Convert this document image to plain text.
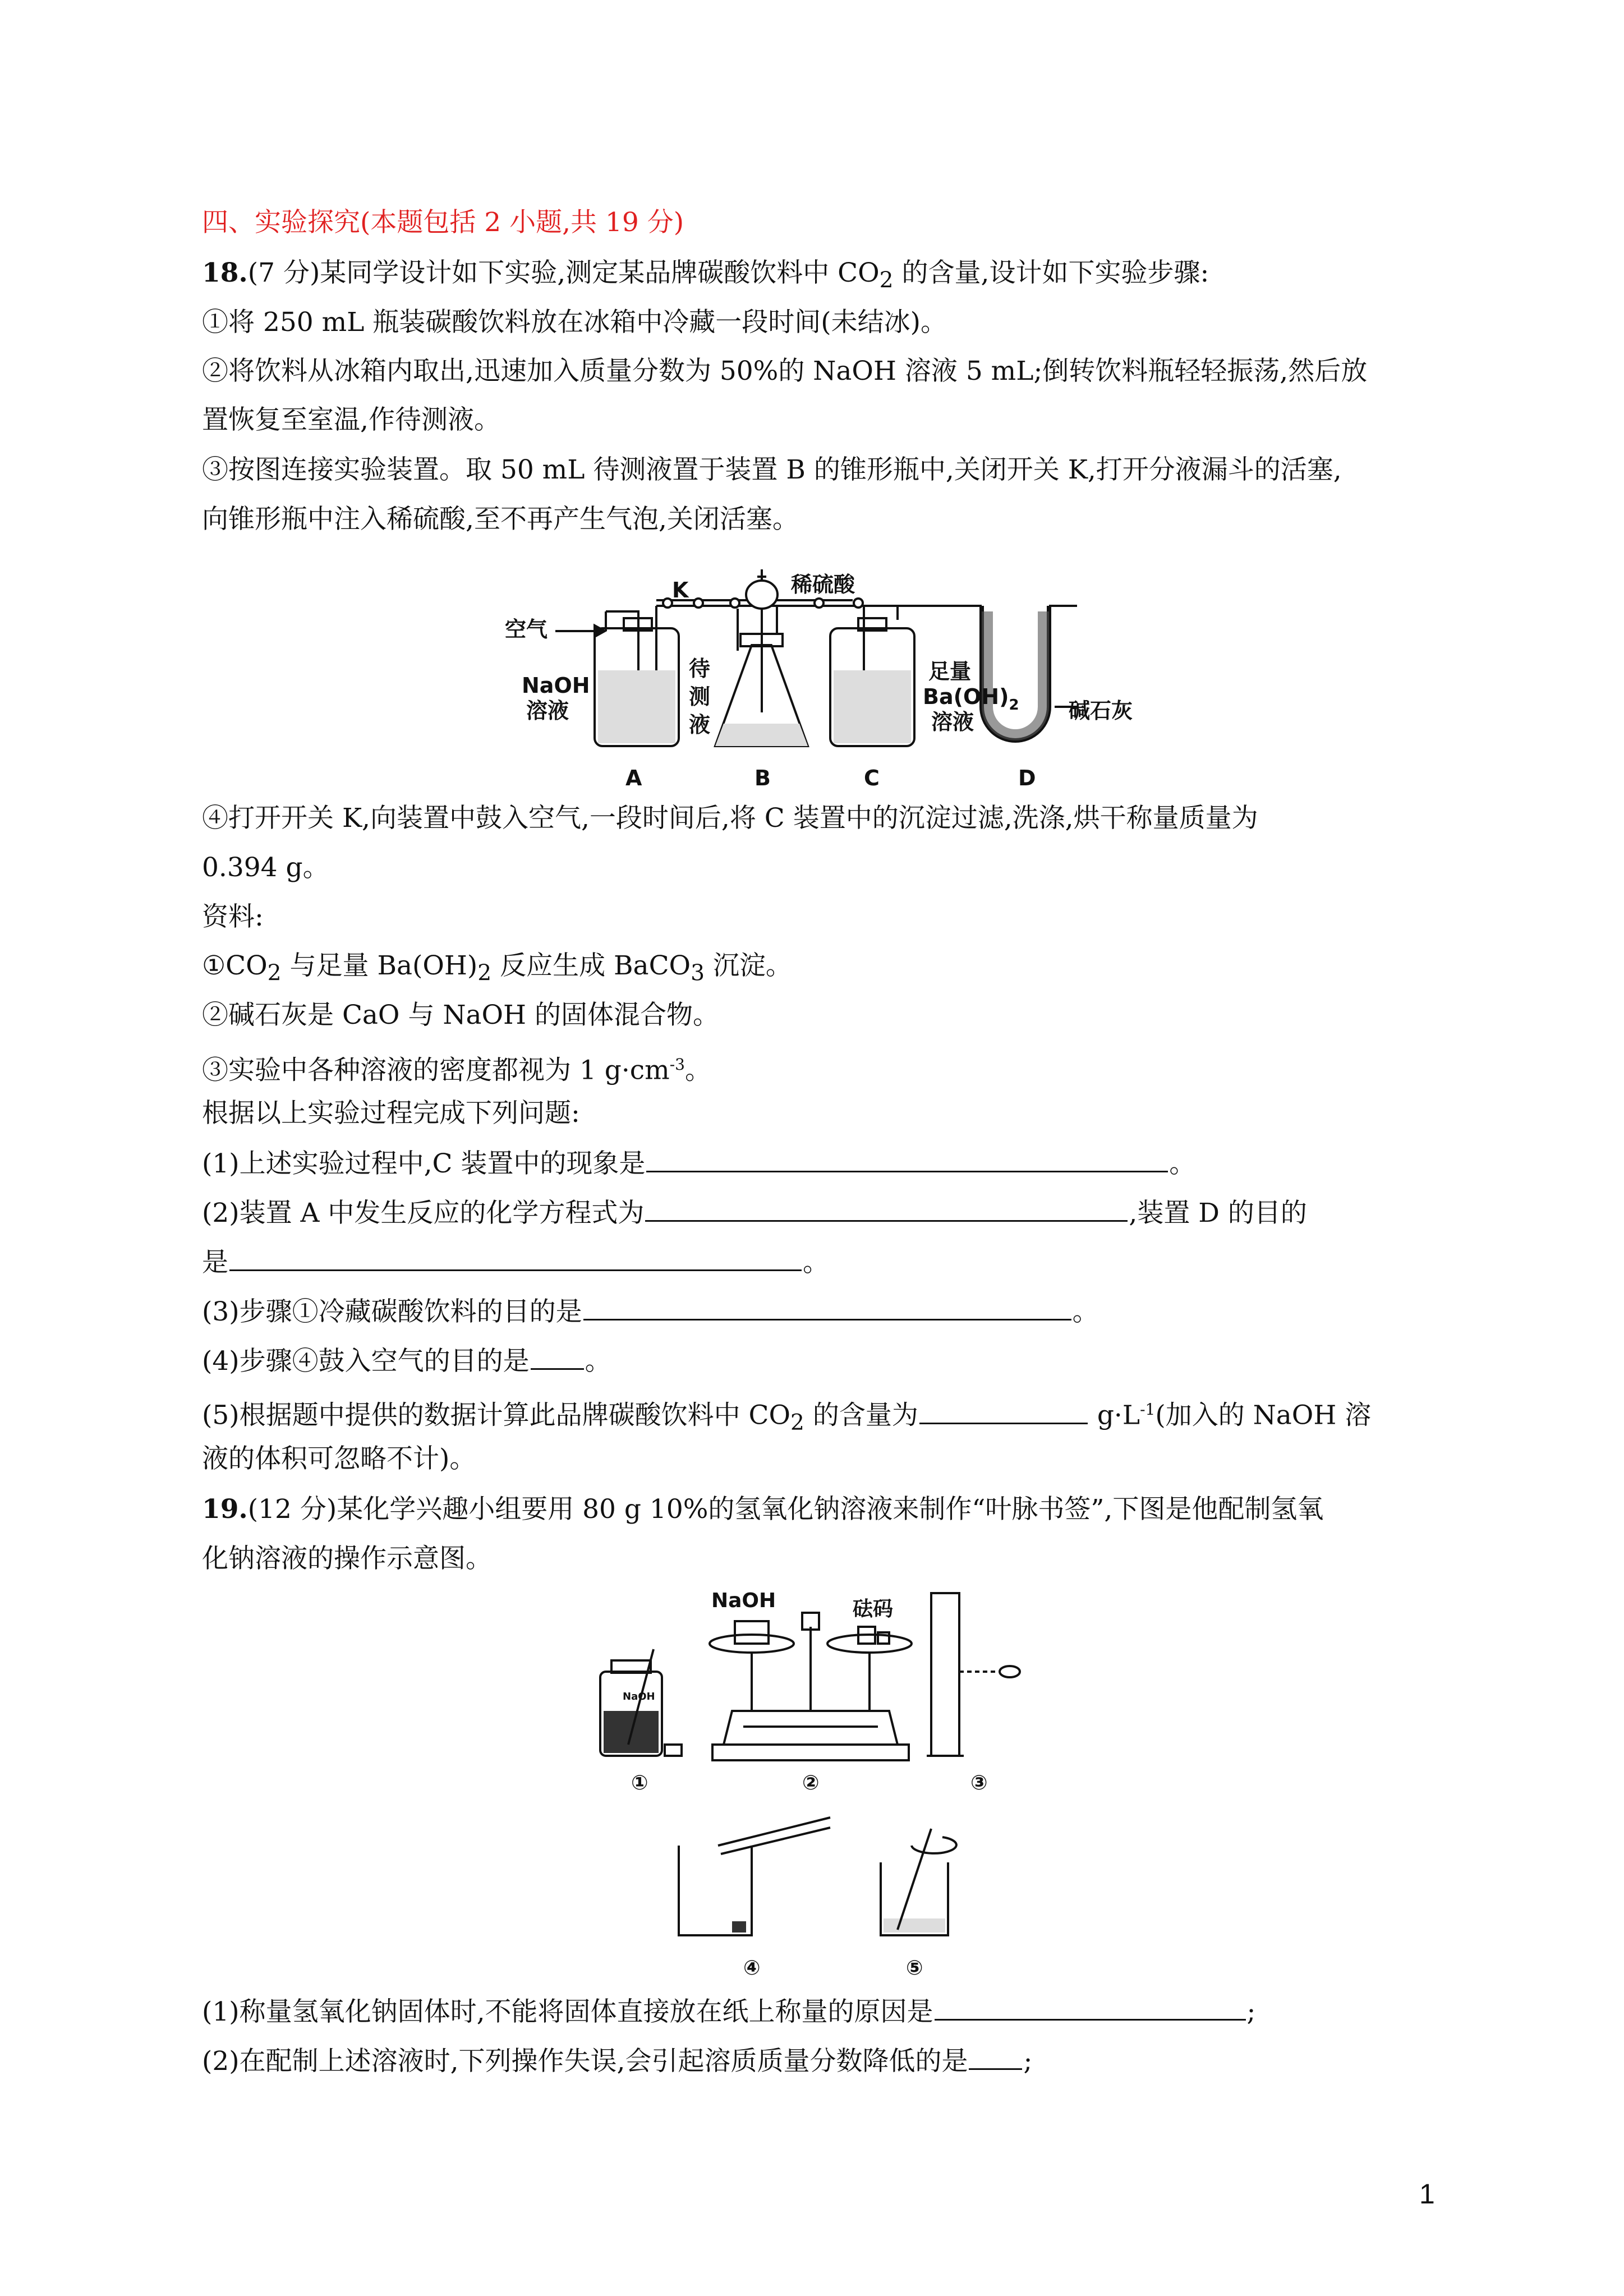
四、实验探究(本题包括 2 小题,共 19 分)
18.(7 分)某同学设计如下实验,测定某品牌碳酸饮料中 $CO_2$ 的含量,设计如下实验步骤:
①将 250 mL 瓶装碳酸饮料放在冰箱中冷藏一段时间(未结冰)。
②将饮料从冰箱内取出,迅速加入质量分数为 50%的 NaOH 溶液 5 mL;倒转饮料瓶轻轻振荡,然后放
置恢复至室温,作待测液。
③按图连接实验装置。取 50 mL 待测液置于装置 B 的锥形瓶中,关闭开关 K,打开分液漏斗的活塞,
向锥形瓶中注入稀硫酸,至不再产生气泡,关闭活塞。
空气
K	稀硫酸
NaOH
溶液
待
测
液
足量
$Ba(OH)_2$
溶液	碱石灰
A	B	C	D
④打开开关 K,向装置中鼓入空气,一段时间后,将 C 装置中的沉淀过滤,洗涤,烘干称量质量为
0.394 g。
资料:
$①CO_2$ 与足量 $Ba(OH)_2$ 反应生成 BaCO$_3$ 沉淀。
②碱石灰是 CaO 与 NaOH 的固体混合物。
③实验中各种溶液的密度都视为 1 $g\cdot cm^{-3}$。
根据以上实验过程完成下列问题:
(1)上述实验过程中,C 装置中的现象是	。
(2)装置 A 中发生反应的化学方程式为	,装置 D 的目的
是	。
(3)步骤①冷藏碳酸饮料的目的是	。
(4)步骤④鼓入空气的目的是 。
(5)根据题中提供的数据计算此品牌碳酸饮料中 $CO_2$ 的含量为	$g\cdot L^{-1}$(加入的 NaOH 溶
液的体积可忽略不计)。
19.(12 分)某化学兴趣小组要用 80 g 10%的氢氧化钠溶液来制作“叶脉书签”,下图是他配制氢氧
化钠溶液的操作示意图。
NaOH
NaOH
砝码
①	②	③
④	⑤
(1)称量氢氧化钠固体时,不能将固体直接放在纸上称量的原因是	;
(2)在配制上述溶液时,下列操作失误,会引起溶质质量分数降低的是 ;
1
